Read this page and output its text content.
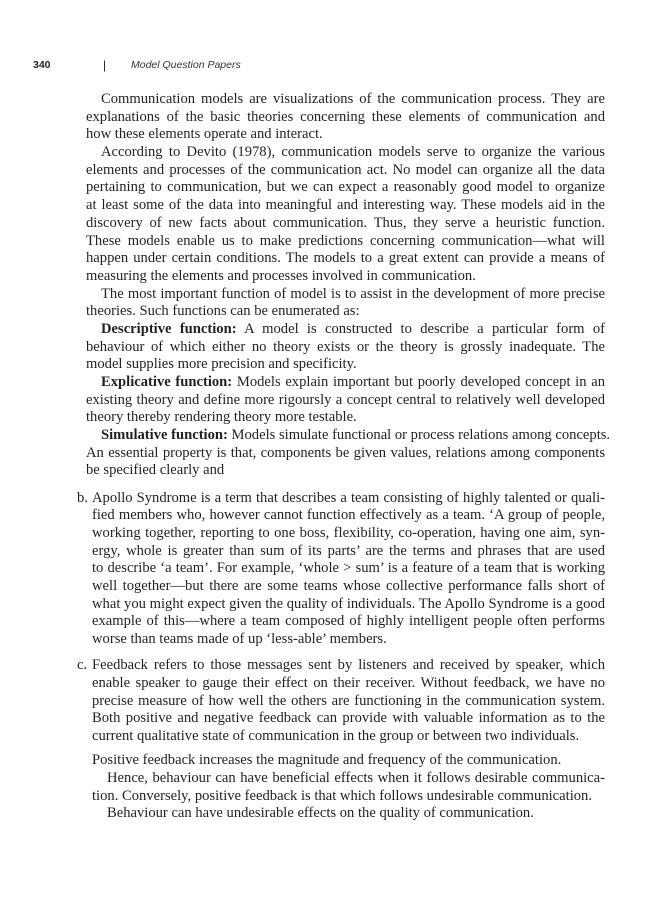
340	| Model Question Papers
Communication models are visualizations of the communication process. They are
explanations of the basic theories concerning these elements of communication and
how these elements operate and interact.
According to Devito (1978), communication models serve to organize the various
elements and processes of the communication act. No model can organize all the data
pertaining to communication, but we can expect a reasonably good model to organize
at least some of the data into meaningful and interesting way. These models aid in the
discovery of new facts about communication. Thus, they serve a heuristic function.
These models enable us to make predictions concerning communication—what will
happen under certain conditions. The models to a great extent can provide a means of
measuring the elements and processes involved in communication.
The most important function of model is to assist in the development of more precise
theories. Such functions can be enumerated as:
Descriptive function: A model is constructed to describe a particular form of
behaviour of which either no theory exists or the theory is grossly inadequate. The
model supplies more precision and specificity.
Explicative function: Models explain important but poorly developed concept in an
existing theory and define more rigoursly a concept central to relatively well developed
theory thereby rendering theory more testable.
Simulative function: Models simulate functional or process relations among concepts.
An essential property is that, components be given values, relations among components
be specified clearly and
b. Apollo Syndrome is a term that describes a team consisting of highly talented or quali-
fied members who, however cannot function effectively as a team. ‘A group of people,
working together, reporting to one boss, flexibility, co-operation, having one aim, syn-
ergy, whole is greater than sum of its parts’ are the terms and phrases that are used
to describe ‘a team’. For example, ‘whole > sum’ is a feature of a team that is working
well together—but there are some teams whose collective performance falls short of
what you might expect given the quality of individuals. The Apollo Syndrome is a good
example of this—where a team composed of highly intelligent people often performs
worse than teams made of up ‘less-able’ members.
c. Feedback refers to those messages sent by listeners and received by speaker, which
enable speaker to gauge their effect on their receiver. Without feedback, we have no
precise measure of how well the others are functioning in the communication system.
Both positive and negative feedback can provide with valuable information as to the
current qualitative state of communication in the group or between two individuals.
Positive feedback increases the magnitude and frequency of the communication.
Hence, behaviour can have beneficial effects when it follows desirable communica-
tion. Conversely, positive feedback is that which follows undesirable communication.
Behaviour can have undesirable effects on the quality of communication.
